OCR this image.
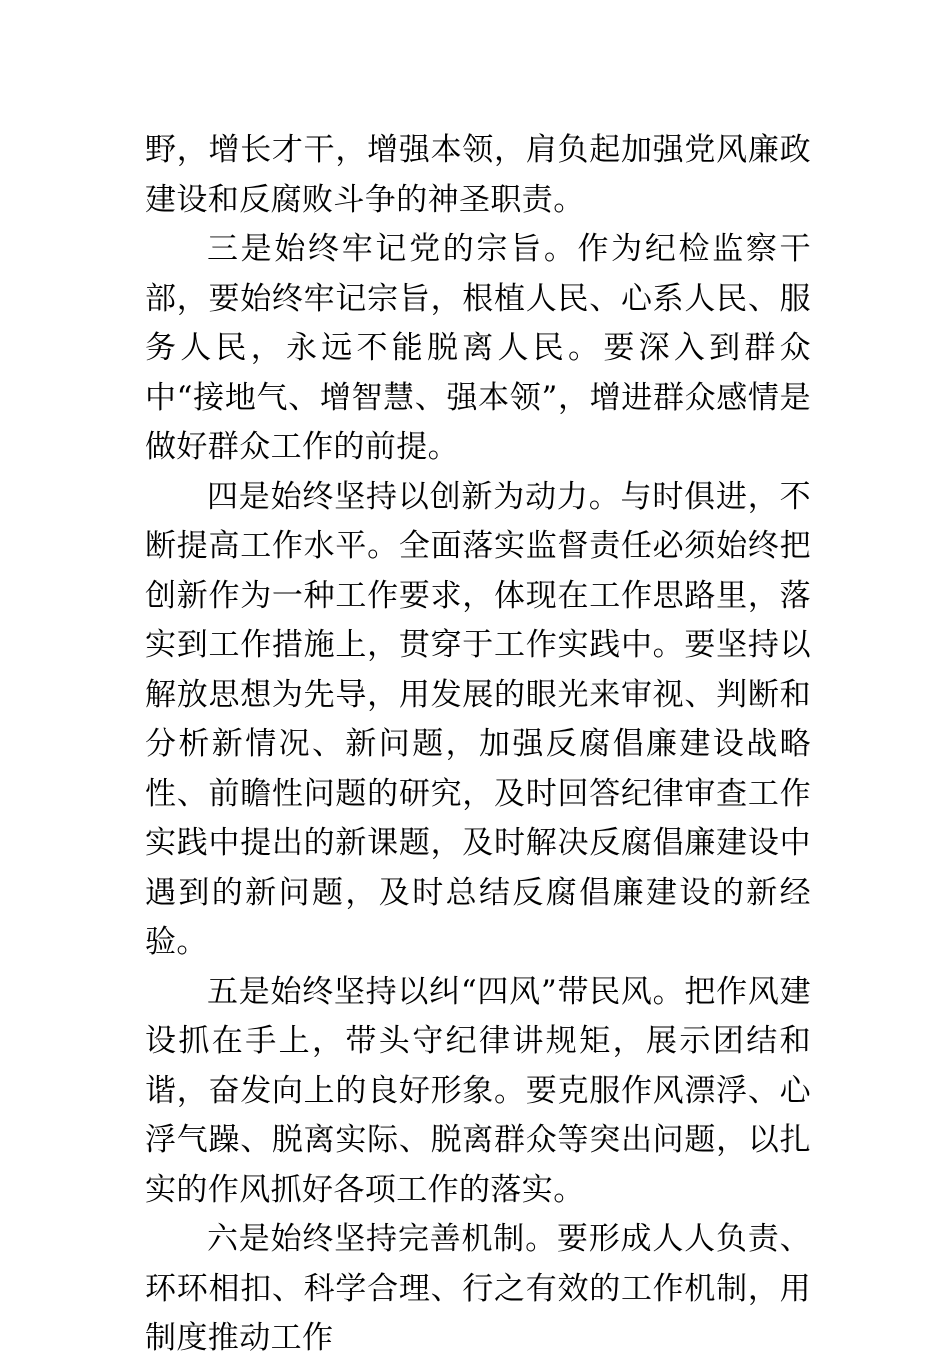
野，增长才干，增强本领，肩负起加强党风廉政建设和反腐败斗争的神圣职责。

三是始终牢记党的宗旨。作为纪检监察干部，要始终牢记宗旨，根植人民、心系人民、服务人民，永远不能脱离人民。要深入到群众中“接地气、增智慧、强本领”，增进群众感情是做好群众工作的前提。

四是始终坚持以创新为动力。与时俱进，不断提高工作水平。全面落实监督责任必须始终把创新作为一种工作要求，体现在工作思路里，落实到工作措施上，贯穿于工作实践中。要坚持以解放思想为先导，用发展的眼光来审视、判断和分析新情况、新问题，加强反腐倡廉建设战略性、前瞻性问题的研究，及时回答纪律审查工作实践中提出的新课题，及时解决反腐倡廉建设中遇到的新问题，及时总结反腐倡廉建设的新经验。

五是始终坚持以纠“四风”带民风。把作风建设抓在手上，带头守纪律讲规矩，展示团结和谐，奋发向上的良好形象。要克服作风漂浮、心浮气躁、脱离实际、脱离群众等突出问题，以扎实的作风抓好各项工作的落实。

六是始终坚持完善机制。要形成人人负责、环环相扣、科学合理、行之有效的工作机制，用制度推动工作
